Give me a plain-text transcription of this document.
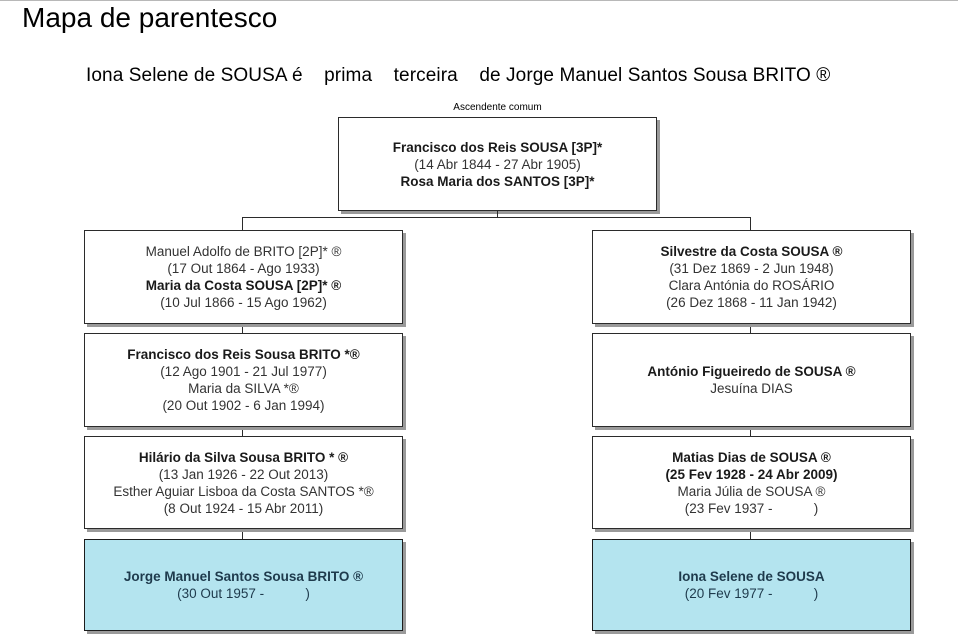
Mapa de parentesco
Iona Selene de SOUSA é    prima    terceira    de Jorge Manuel Santos Sousa BRITO ®
Ascendente comum
Francisco dos Reis SOUSA [3P]*
(14 Abr 1844 - 27 Abr 1905)
Rosa Maria dos SANTOS [3P]*
Manuel Adolfo de BRITO [2P]* ®
(17 Out 1864 - Ago 1933)
Maria da Costa SOUSA [2P]* ®
(10 Jul 1866 - 15 Ago 1962)
Francisco dos Reis Sousa BRITO *®
(12 Ago 1901 - 21 Jul 1977)
Maria da SILVA *®
(20 Out 1902 - 6 Jan 1994)
Hilário da Silva Sousa BRITO * ®
(13 Jan 1926 - 22 Out 2013)
Esther Aguiar Lisboa da Costa SANTOS *®
(8 Out 1924 - 15 Abr 2011)
Jorge Manuel Santos Sousa BRITO ®
(30 Out 1957 -           )
Silvestre da Costa SOUSA ®
(31 Dez 1869 - 2 Jun 1948)
Clara Antónia do ROSÁRIO
(26 Dez 1868 - 11 Jan 1942)
António Figueiredo de SOUSA ®
Jesuína DIAS
Matias Dias de SOUSA ®
(25 Fev 1928 - 24 Abr 2009)
Maria Júlia de SOUSA ®
(23 Fev 1937 -           )
Iona Selene de SOUSA
(20 Fev 1977 -           )
